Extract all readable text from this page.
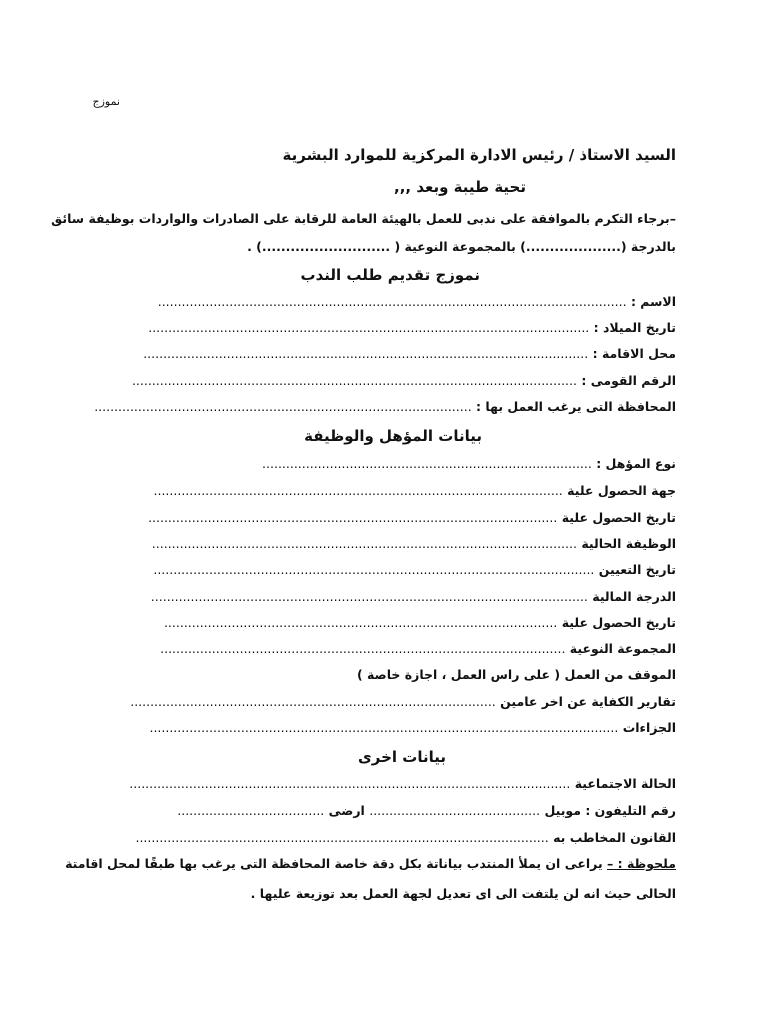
نموزج
السيد الاستاذ / رئيس الادارة المركزية للموارد البشرية
تحية طيبة وبعد ,,,
–برجاء التكرم بالموافقة على ندبى للعمل بالهيئة العامة للرقابة على الصادرات والواردات بوظيفة سائق
بالدرجة (....................) بالمجموعة النوعية ( ...........................) .
نموزج تقديم طلب الندب
الاسم : ......................................................................................................................
تاريخ الميلاد : ...............................................................................................................
محل الاقامة : ................................................................................................................
الرقم القومى : ................................................................................................................
المحافظة التى يرغب العمل بها : ...............................................................................................
بيانات المؤهل والوظيفة
نوع المؤهل : ...................................................................................
جهة الحصول علية .......................................................................................................
تاريخ الحصول علية .......................................................................................................
الوظيفة الحالية ...........................................................................................................
تاريخ التعيين ...............................................................................................................
الدرجة المالية ..............................................................................................................
تاريخ الحصول علية ...................................................................................................
المجموعة النوعية ......................................................................................................
الموقف من العمل ( على راس العمل ، اجازة خاصة )
تقارير الكفاية عن اخر عامين ............................................................................................
الجزاءات ......................................................................................................................
بيانات اخرى
الحالة الاجتماعية ...............................................................................................................
رقم التليفون : موبيل ........................................... ارضى .....................................
القانون المخاطب به ........................................................................................................
ملحوظة : – يراعى ان يملأ المنتدب بياناتة بكل دقة خاصة المحافظة التى يرغب بها طبقًا لمحل اقامتة
الحالى حيث انه لن يلتفت الى اى تعديل لجهة العمل بعد توزيعة عليها .
